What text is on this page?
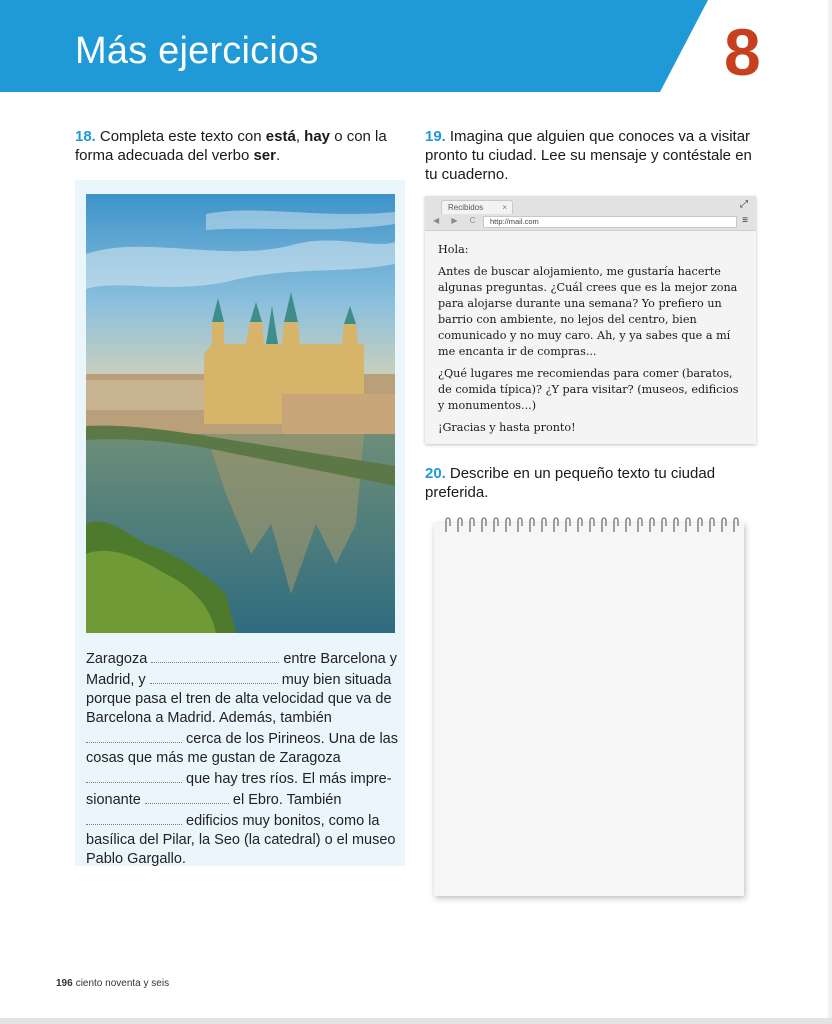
Más ejercicios	8
18. Completa este texto con está, hay o con la forma adecuada del verbo ser.
Zaragoza	entre Barcelona y Madrid, y	muy bien situada porque pasa el tren de alta velocidad que va de Barcelona a Madrid. Además, también  cerca de los Pirineos. Una de las cosas que más me gustan de Zaragoza  que hay tres ríos. El más impresionante	el Ebro. También  edificios muy bonitos, como la basílica del Pilar, la Seo (la catedral) o el museo Pablo Gargallo.
19. Imagina que alguien que conoces va a visitar pronto tu ciudad. Lee su mensaje y contéstale en tu cuaderno.
Recibidos ×	⤢
◀ ▶ C	http://mail.com	≡

Hola:

Antes de buscar alojamiento, me gustaría hacerte algunas preguntas. ¿Cuál crees que es la mejor zona para alojarse durante una semana? Yo prefiero un barrio con ambiente, no lejos del centro, bien comunicado y no muy caro. Ah, y ya sabes que a mí me encanta ir de compras...

¿Qué lugares me recomiendas para comer (baratos, de comida típica)? ¿Y para visitar? (museos, edificios y monumentos...)

¡Gracias y hasta pronto!

20. Describe en un pequeño texto tu ciudad preferida.
196 ciento noventa y seis
